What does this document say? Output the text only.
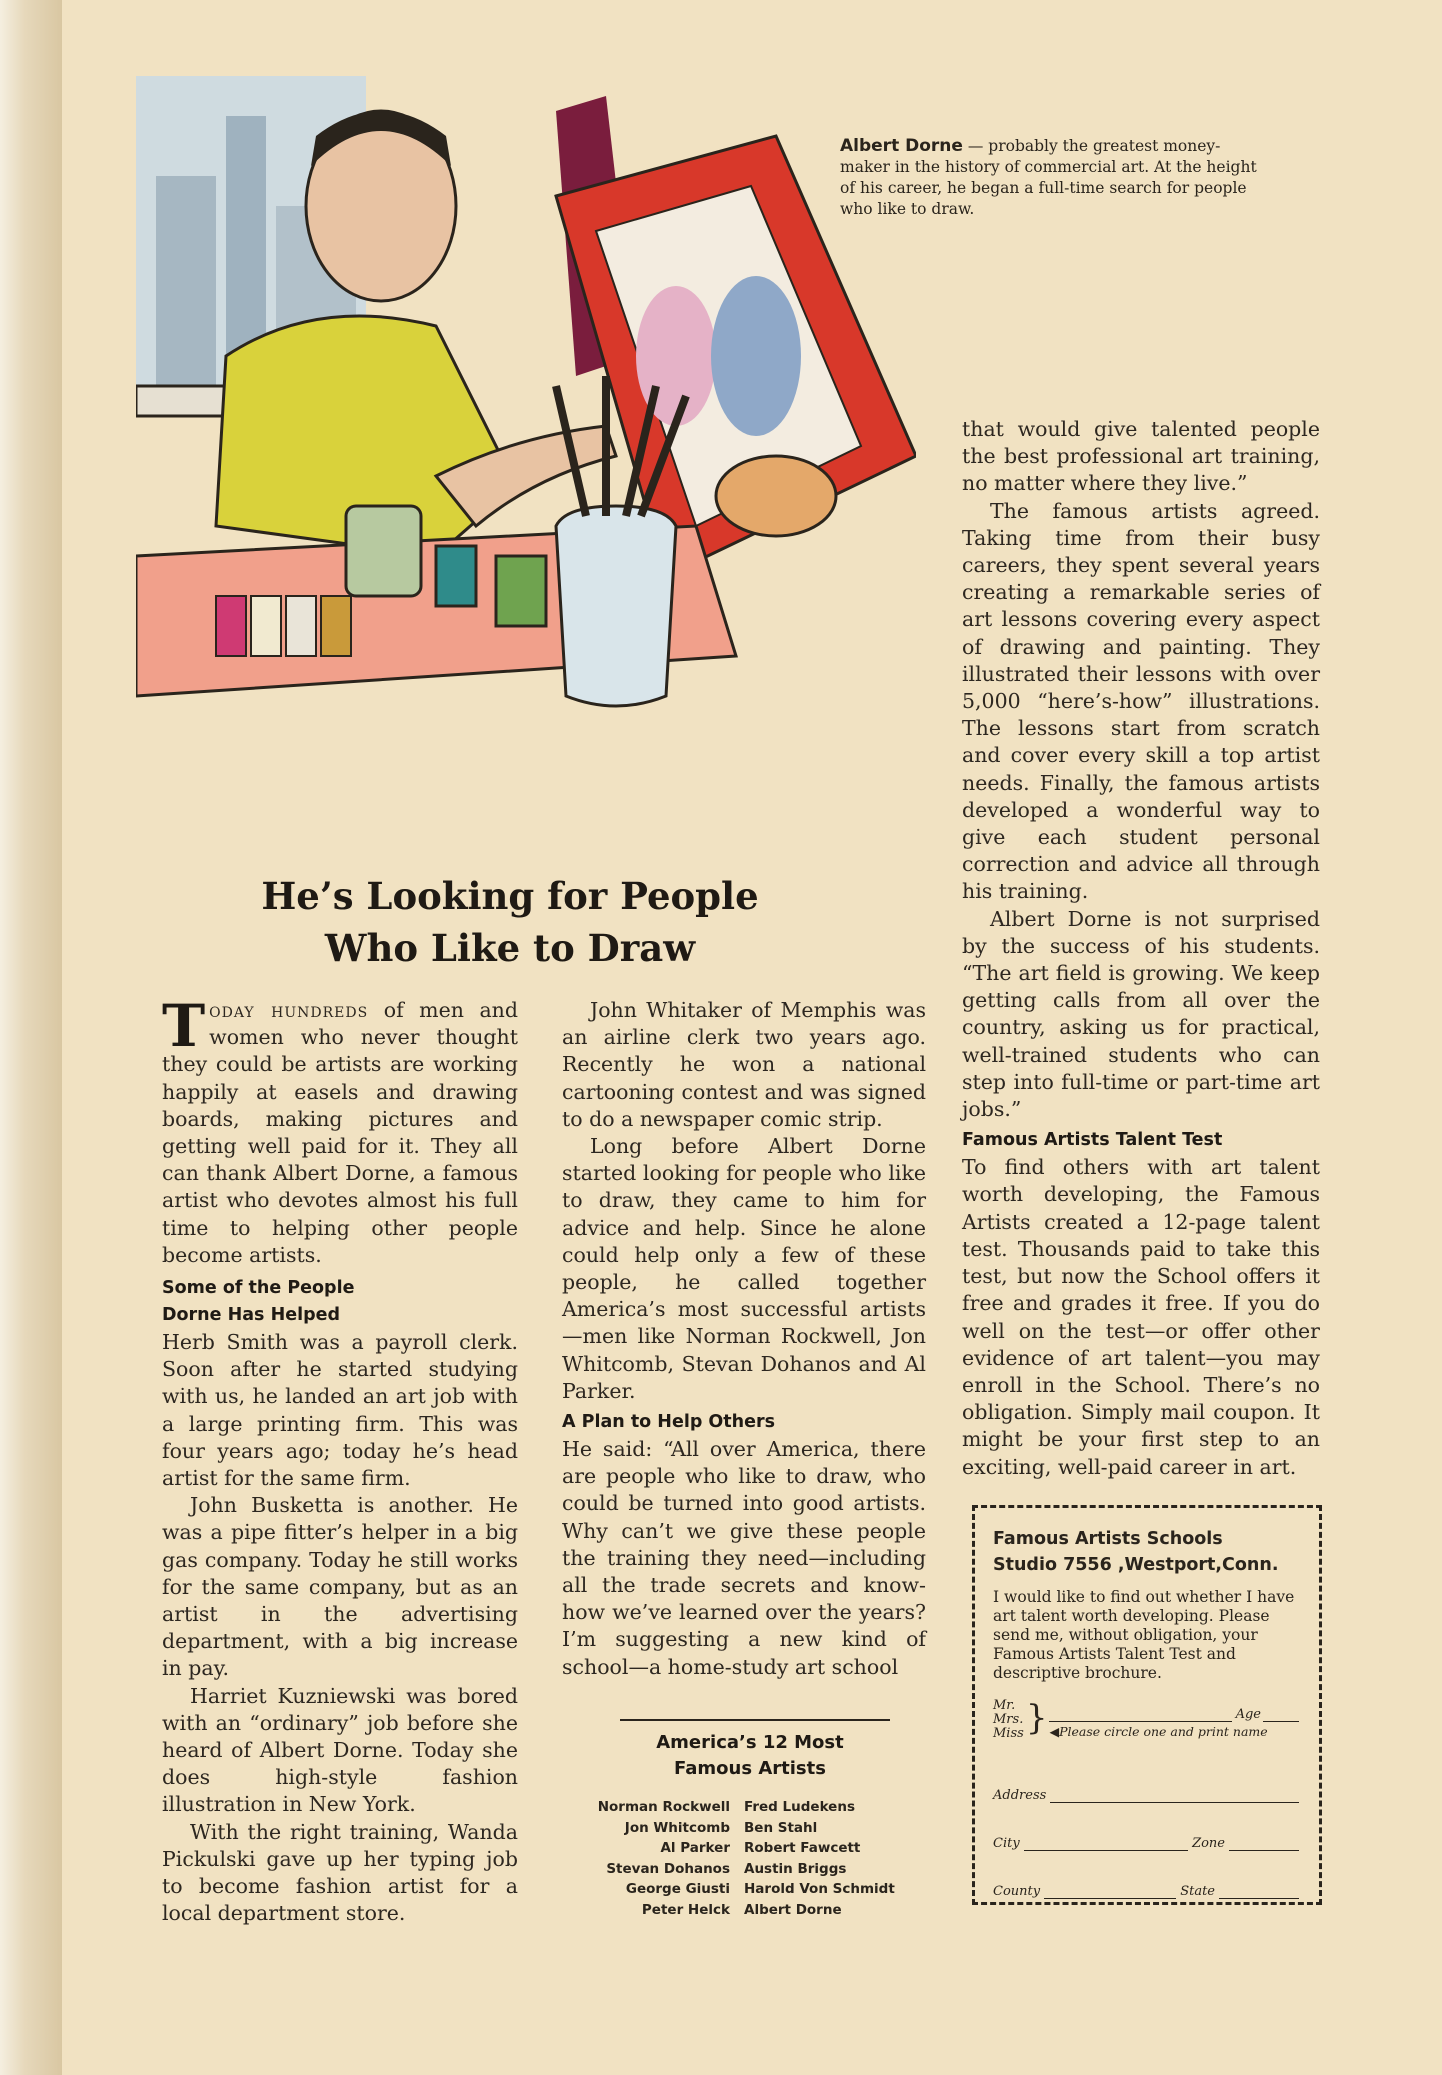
Albert Dorne — probably the greatest money-maker in the history of commercial art. At the height of his career, he began a full-time search for people who like to draw.
He’s Looking for People
Who Like to Draw

Today hundreds of men and women who never thought they could be artists are working happily at easels and drawing boards, making pictures and getting well paid for it. They all can thank Albert Dorne, a famous artist who devotes almost his full time to helping other people become artists.

Some of the People
Dorne Has Helped

Herb Smith was a payroll clerk. Soon after he started studying with us, he landed an art job with a large printing firm. This was four years ago; today he’s head artist for the same firm.

John Busketta is another. He was a pipe fitter’s helper in a big gas company. Today he still works for the same company, but as an artist in the advertising department, with a big increase in pay.

Harriet Kuzniewski was bored with an “ordinary” job before she heard of Albert Dorne. Today she does high-style fashion illustration in New York.

With the right training, Wanda Pickulski gave up her typing job to become fashion artist for a local department store.

John Whitaker of Memphis was an airline clerk two years ago. Recently he won a national cartooning contest and was signed to do a newspaper comic strip.

Long before Albert Dorne started looking for people who like to draw, they came to him for advice and help. Since he alone could help only a few of these people, he called together America’s most successful artists—men like Norman Rockwell, Jon Whitcomb, Stevan Dohanos and Al Parker.

A Plan to Help Others

He said: “All over America, there are people who like to draw, who could be turned into good artists. Why can’t we give these people the training they need—including all the trade secrets and know-how we’ve learned over the years? I’m suggesting a new kind of school—a home-study art school

that would give talented people the best professional art training, no matter where they live.”

The famous artists agreed. Taking time from their busy careers, they spent several years creating a remarkable series of art lessons covering every aspect of drawing and painting. They illustrated their lessons with over 5,000 “here’s-how” illustrations. The lessons start from scratch and cover every skill a top artist needs. Finally, the famous artists developed a wonderful way to give each student personal correction and advice all through his training.

Albert Dorne is not surprised by the success of his students. “The art field is growing. We keep getting calls from all over the country, asking us for practical, well-trained students who can step into full-time or part-time art jobs.”

Famous Artists Talent Test

To find others with art talent worth developing, the Famous Artists created a 12-page talent test. Thousands paid to take this test, but now the School offers it free and grades it free. If you do well on the test—or offer other evidence of art talent—you may enroll in the School. There’s no obligation. Simply mail coupon. It might be your first step to an exciting, well-paid career in art.

America’s 12 Most
Famous Artists
Norman Rockwell	Fred Ludekens
Jon Whitcomb	Ben Stahl
Al Parker	Robert Fawcett
Stevan Dohanos	Austin Briggs
George Giusti	Harold Von Schmidt
Peter Helck	Albert Dorne
Famous Artists Schools
Studio 7556 ,Westport,Conn.
I would like to find out whether I have art talent worth developing. Please send me, without obligation, your Famous Artists Talent Test and descriptive brochure.
Mr.
Mrs.
Miss }	Age
◀Please circle one and print name
Address
City	Zone
County	State
